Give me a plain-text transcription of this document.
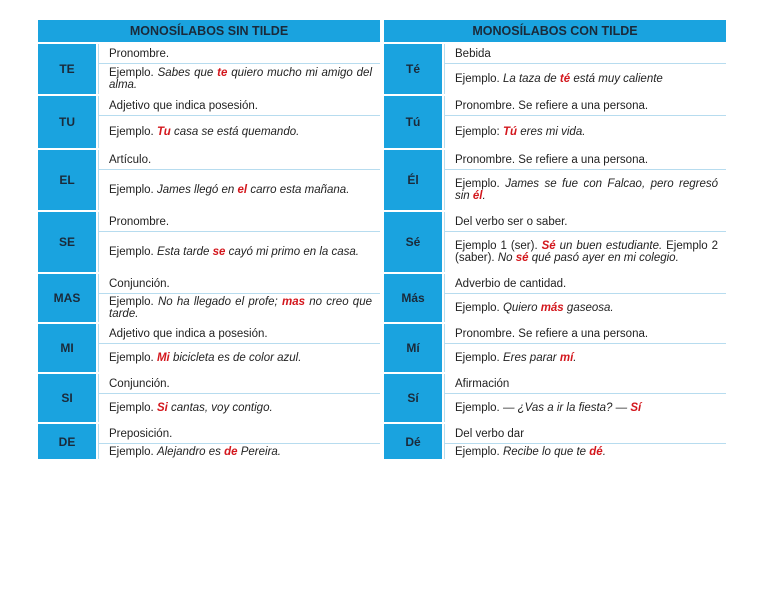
MONOSÍLABOS SIN TILDE
TE
Pronombre.
Ejemplo. Sabes que te quiero mucho mi amigo del alma.
TU
Adjetivo que indica posesión.
Ejemplo. Tu casa se está quemando.
EL
Artículo.
Ejemplo. James llegó en el carro esta mañana.
SE
Pronombre.
Ejemplo. Esta tarde se cayó mi primo en la casa.
MAS
Conjunción.
Ejemplo. No ha llegado el profe; mas no creo que tarde.
MI
Adjetivo que indica a posesión.
Ejemplo. Mi bicicleta es de color azul.
SI
Conjunción.
Ejemplo. Si cantas, voy contigo.
DE
Preposición.
Ejemplo. Alejandro es de Pereira.
MONOSÍLABOS CON TILDE
Té
Bebida
Ejemplo. La taza de té está muy caliente
Tú
Pronombre. Se refiere a una persona.
Ejemplo: Tú eres mi vida.
Él
Pronombre. Se refiere a una persona.
Ejemplo. James se fue con Falcao, pero regresó sin él.
Sé
Del verbo ser o saber.
Ejemplo 1 (ser). Sé un buen estudiante. Ejemplo 2 (saber). No sé qué pasó ayer en mi colegio.
Más
Adverbio de cantidad.
Ejemplo. Quiero más gaseosa.
Mí
Pronombre. Se refiere a una persona.
Ejemplo. Eres parar mí.
Sí
Afirmación
Ejemplo. — ¿Vas a ir la fiesta? — Sí
Dé
Del verbo dar
Ejemplo. Recibe lo que te dé.
